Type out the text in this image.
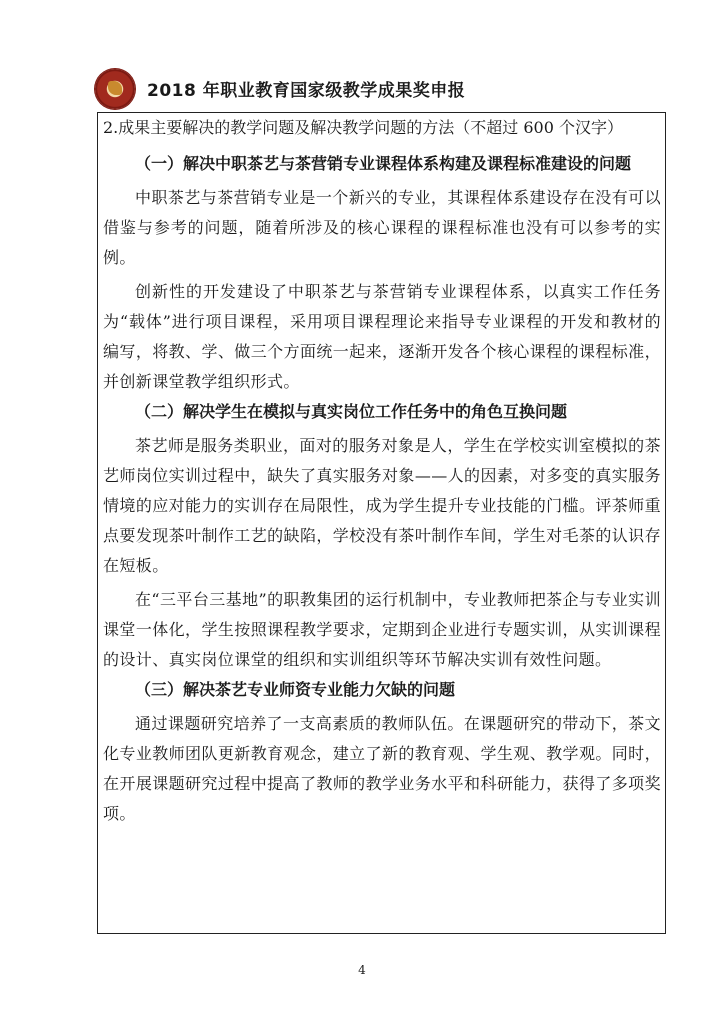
2018 年职业教育国家级教学成果奖申报

2.成果主要解决的教学问题及解决教学问题的方法（不超过 600 个汉字）

（一）解决中职茶艺与茶营销专业课程体系构建及课程标准建设的问题

中职茶艺与茶营销专业是一个新兴的专业，其课程体系建设存在没有可以借鉴与参考的问题，随着所涉及的核心课程的课程标准也没有可以参考的实例。

创新性的开发建设了中职茶艺与茶营销专业课程体系，以真实工作任务为“载体”进行项目课程，采用项目课程理论来指导专业课程的开发和教材的编写，将教、学、做三个方面统一起来，逐渐开发各个核心课程的课程标准，并创新课堂教学组织形式。

（二）解决学生在模拟与真实岗位工作任务中的角色互换问题

茶艺师是服务类职业，面对的服务对象是人，学生在学校实训室模拟的茶艺师岗位实训过程中，缺失了真实服务对象——人的因素，对多变的真实服务情境的应对能力的实训存在局限性，成为学生提升专业技能的门槛。评茶师重点要发现茶叶制作工艺的缺陷，学校没有茶叶制作车间，学生对毛茶的认识存在短板。

在“三平台三基地”的职教集团的运行机制中，专业教师把茶企与专业实训课堂一体化，学生按照课程教学要求，定期到企业进行专题实训，从实训课程的设计、真实岗位课堂的组织和实训组织等环节解决实训有效性问题。

（三）解决茶艺专业师资专业能力欠缺的问题

通过课题研究培养了一支高素质的教师队伍。在课题研究的带动下，茶文化专业教师团队更新教育观念，建立了新的教育观、学生观、教学观。同时，在开展课题研究过程中提高了教师的教学业务水平和科研能力，获得了多项奖项。

4
